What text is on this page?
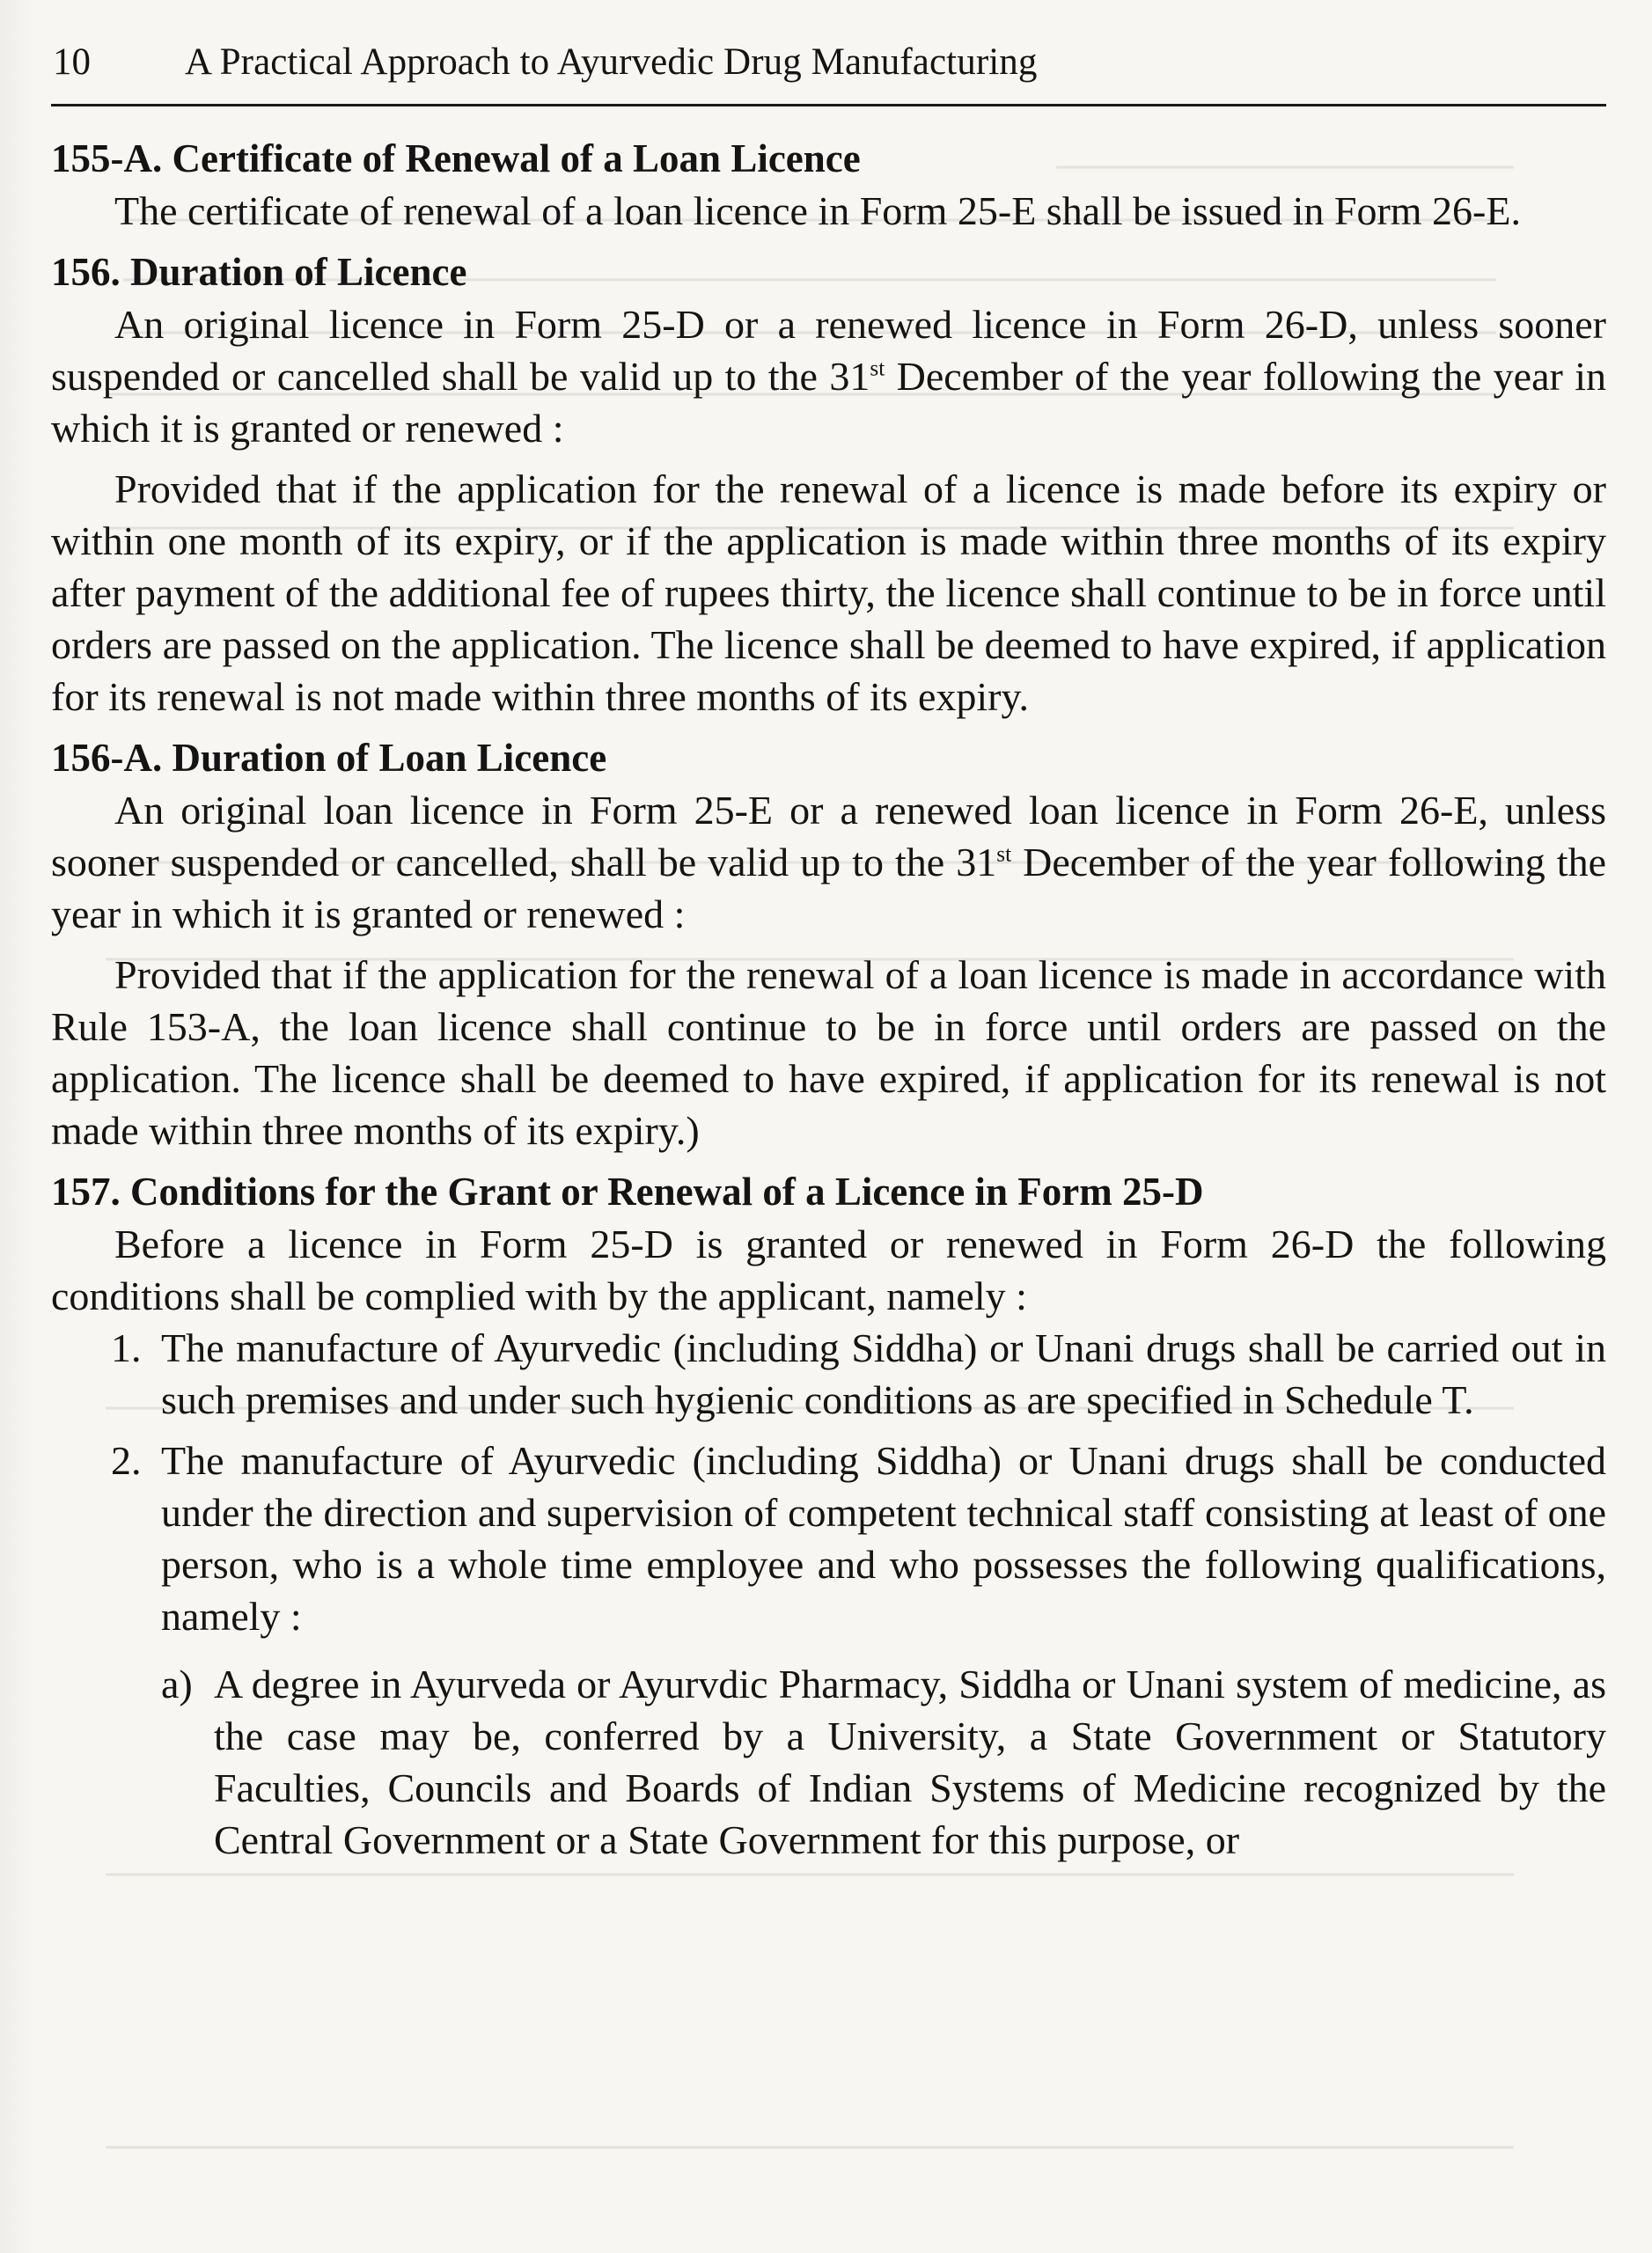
10 A Practical Approach to Ayurvedic Drug Manufacturing
155-A. Certificate of Renewal of a Loan Licence

The certificate of renewal of a loan licence in Form 25-E shall be issued in Form 26-E.

156. Duration of Licence

An original licence in Form 25-D or a renewed licence in Form 26-D, unless sooner suspended or cancelled shall be valid up to the 31st December of the year following the year in which it is granted or renewed :

Provided that if the application for the renewal of a licence is made before its expiry or within one month of its expiry, or if the application is made within three months of its expiry after payment of the additional fee of rupees thirty, the licence shall continue to be in force until orders are passed on the application. The licence shall be deemed to have expired, if application for its renewal is not made within three months of its expiry.

156-A. Duration of Loan Licence

An original loan licence in Form 25-E or a renewed loan licence in Form 26-E, unless sooner suspended or cancelled, shall be valid up to the 31st December of the year following the year in which it is granted or renewed :

Provided that if the application for the renewal of a loan licence is made in accordance with Rule 153-A, the loan licence shall continue to be in force until orders are passed on the application. The licence shall be deemed to have expired, if application for its renewal is not made within three months of its expiry.)

157. Conditions for the Grant or Renewal of a Licence in Form 25-D

Before a licence in Form 25-D is granted or renewed in Form 26-D the following conditions shall be complied with by the applicant, namely :

1. The manufacture of Ayurvedic (including Siddha) or Unani drugs shall be carried out in such premises and under such hygienic conditions as are specified in Schedule T.
2. The manufacture of Ayurvedic (including Siddha) or Unani drugs shall be conducted under the direction and supervision of competent technical staff consisting at least of one person, who is a whole time employee and who possesses the following qualifications, namely :
a) A degree in Ayurveda or Ayurvdic Pharmacy, Siddha or Unani system of medicine, as the case may be, conferred by a University, a State Government or Statutory Faculties, Councils and Boards of Indian Systems of Medicine recognized by the Central Government or a State Government for this purpose, or
